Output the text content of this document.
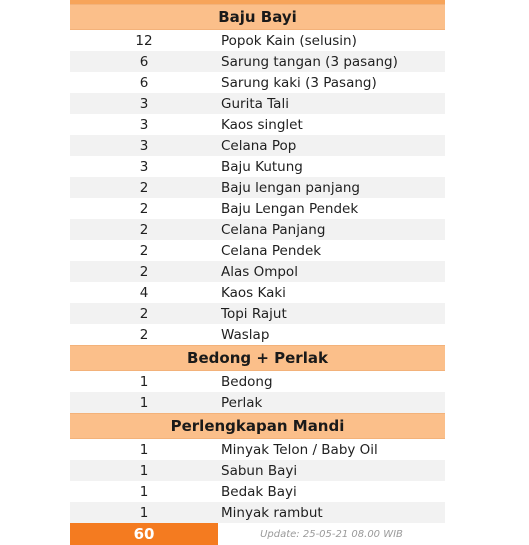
Baju Bayi
12	Popok Kain (selusin)
6	Sarung tangan (3 pasang)
6	Sarung kaki (3 Pasang)
3	Gurita Tali
3	Kaos singlet
3	Celana Pop
3	Baju Kutung
2	Baju lengan panjang
2	Baju Lengan Pendek
2	Celana Panjang
2	Celana Pendek
2	Alas Ompol
4	Kaos Kaki
2	Topi Rajut
2	Waslap
Bedong + Perlak
1	Bedong
1	Perlak
Perlengkapan Mandi
1	Minyak Telon / Baby Oil
1	Sabun Bayi
1	Bedak Bayi
1	Minyak rambut
60	Update: 25-05-21 08.00 WIB
